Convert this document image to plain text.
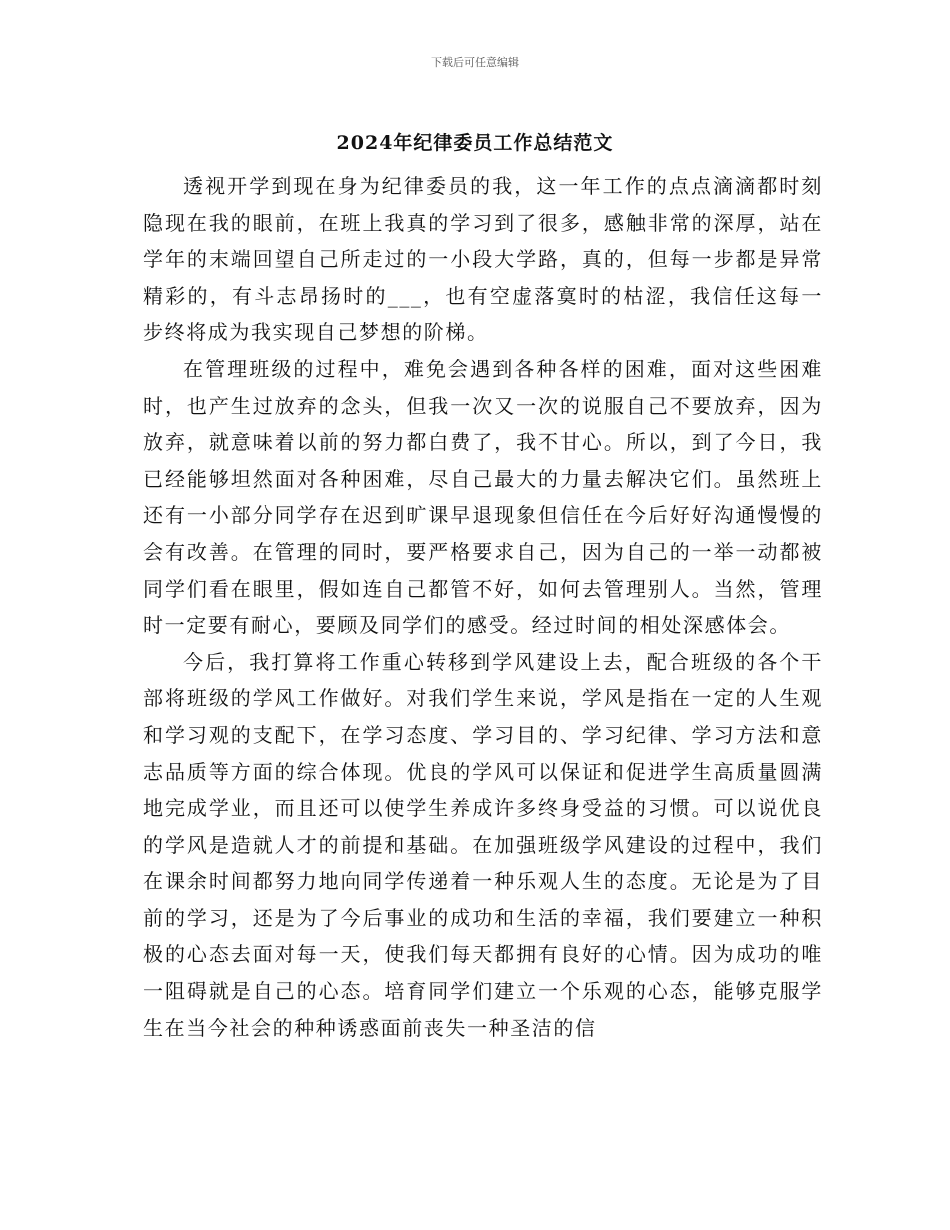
下载后可任意编辑
2024年纪律委员工作总结范文

透视开学到现在身为纪律委员的我，这一年工作的点点滴滴都时刻隐现在我的眼前，在班上我真的学习到了很多，感触非常的深厚，站在学年的末端回望自己所走过的一小段大学路，真的，但每一步都是异常精彩的，有斗志昂扬时的___，也有空虚落寞时的枯涩，我信任这每一步终将成为我实现自己梦想的阶梯。

在管理班级的过程中，难免会遇到各种各样的困难，面对这些困难时，也产生过放弃的念头，但我一次又一次的说服自己不要放弃，因为放弃，就意味着以前的努力都白费了，我不甘心。所以，到了今日，我已经能够坦然面对各种困难，尽自己最大的力量去解决它们。虽然班上还有一小部分同学存在迟到旷课早退现象但信任在今后好好沟通慢慢的会有改善。在管理的同时，要严格要求自己，因为自己的一举一动都被同学们看在眼里，假如连自己都管不好，如何去管理别人。当然，管理时一定要有耐心，要顾及同学们的感受。经过时间的相处深感体会。

今后，我打算将工作重心转移到学风建设上去，配合班级的各个干部将班级的学风工作做好。对我们学生来说，学风是指在一定的人生观和学习观的支配下，在学习态度、学习目的、学习纪律、学习方法和意志品质等方面的综合体现。优良的学风可以保证和促进学生高质量圆满地完成学业，而且还可以使学生养成许多终身受益的习惯。可以说优良的学风是造就人才的前提和基础。在加强班级学风建设的过程中，我们在课余时间都努力地向同学传递着一种乐观人生的态度。无论是为了目前的学习，还是为了今后事业的成功和生活的幸福，我们要建立一种积极的心态去面对每一天，使我们每天都拥有良好的心情。因为成功的唯一阻碍就是自己的心态。培育同学们建立一个乐观的心态，能够克服学生在当今社会的种种诱惑面前丧失一种圣洁的信
